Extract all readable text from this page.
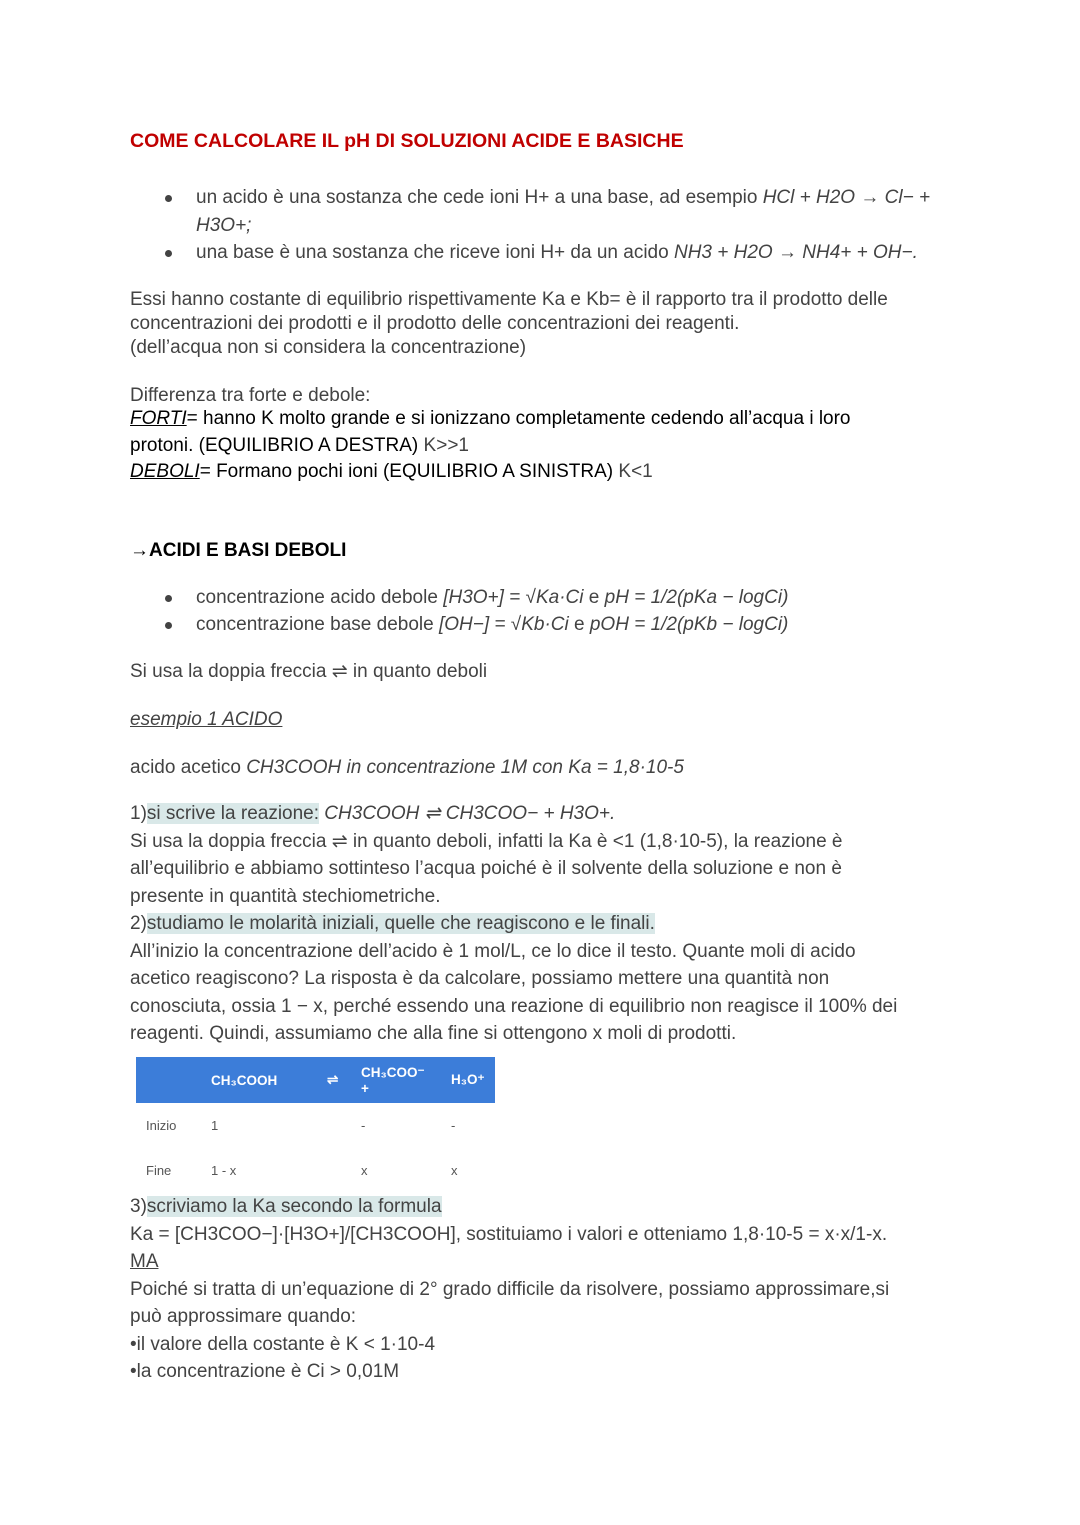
COME CALCOLARE IL pH DI SOLUZIONI ACIDE E BASICHE
un acido è una sostanza che cede ioni H+ a una base, ad esempio HCl + H2O → Cl− + H3O+;
una base è una sostanza che riceve ioni H+ da un acido NH3 + H2O → NH4+ + OH−.
Essi hanno costante di equilibrio rispettivamente Ka e Kb= è il rapporto tra il prodotto delle
concentrazioni dei prodotti e il prodotto delle concentrazioni dei reagenti.
(dell’acqua non si considera la concentrazione)
Differenza tra forte e debole:
FORTI= hanno K molto grande e si ionizzano completamente cedendo all’acqua i loro
protoni. (EQUILIBRIO A DESTRA) K>>1
DEBOLI= Formano pochi ioni (EQUILIBRIO A SINISTRA) K<1
→ACIDI E BASI DEBOLI
concentrazione acido debole [H3O+] = √Ka·Ci e pH = 1/2(pKa − logCi)
concentrazione base debole [OH−] = √Kb·Ci e pOH = 1/2(pKb − logCi)
Si usa la doppia freccia ⇌ in quanto deboli
esempio 1 ACIDO
acido acetico CH3COOH in concentrazione 1M con Ka = 1,8·10-5
1)si scrive la reazione: CH3COOH ⇌ CH3COO− + H3O+.
Si usa la doppia freccia ⇌ in quanto deboli, infatti la Ka è <1 (1,8·10-5), la reazione è
all’equilibrio e abbiamo sottinteso l’acqua poiché è il solvente della soluzione e non è
presente in quantità stechiometriche.
2)studiamo le molarità iniziali, quelle che reagiscono e le finali.
All’inizio la concentrazione dell’acido è 1 mol/L, ce lo dice il testo. Quante moli di acido
acetico reagiscono? La risposta è da calcolare, possiamo mettere una quantità non
conosciuta, ossia 1 − x, perché essendo una reazione di equilibrio non reagisce il 100% dei
reagenti. Quindi, assumiamo che alla fine si ottengono x moli di prodotti.
	CH₃COOH	⇌	CH₃COO⁻ +	H₃O⁺
Inizio	1		-	-
Fine	1 - x		x	x
3)scriviamo la Ka secondo la formula
Ka = [CH3COO−]·[H3O+]/[CH3COOH], sostituiamo i valori e otteniamo 1,8·10-5 = x·x/1-x.
MA
Poiché si tratta di un’equazione di 2° grado difficile da risolvere, possiamo approssimare,si
può approssimare quando:
•il valore della costante è K < 1·10-4
•la concentrazione è Ci > 0,01M
